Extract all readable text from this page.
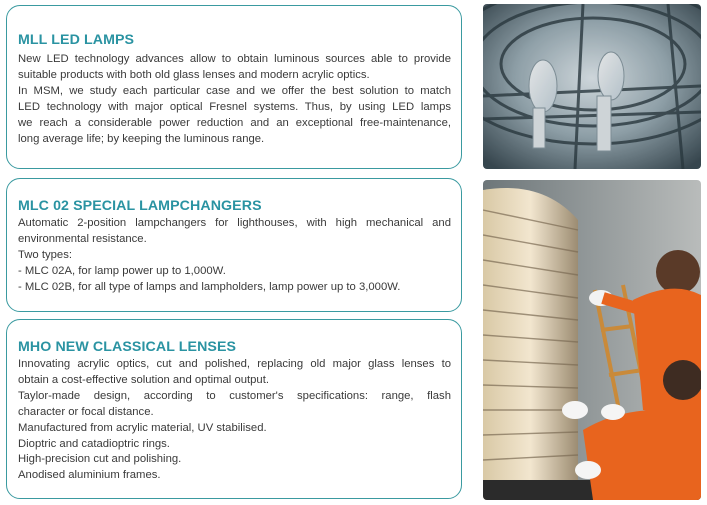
MLL LED LAMPS
New LED technology advances allow to obtain luminous sources able to provide
suitable products with both old glass lenses and modern acrylic optics.
In MSM, we study each particular case and we offer the best solution to match
LED technology with major optical Fresnel systems. Thus, by using LED lamps
we reach a considerable power reduction and an exceptional free-maintenance,
long average life; by keeping the luminous range.
MLC 02 SPECIAL LAMPCHANGERS
Automatic 2-position lampchangers for lighthouses, with high mechanical and
environmental resistance.
Two types:
- MLC 02A, for lamp power up to 1,000W.
- MLC 02B, for all type of lamps and lampholders, lamp power up to 3,000W.
MHO NEW CLASSICAL LENSES
Innovating acrylic optics, cut and polished, replacing old major glass lenses to
obtain a cost-effective solution and optimal output.
Taylor-made design, according to customer's specifications: range, flash
character or focal distance.
Manufactured from acrylic material, UV stabilised.
Dioptric and catadioptric rings.
High-precision cut and polishing.
Anodised aluminium frames.
